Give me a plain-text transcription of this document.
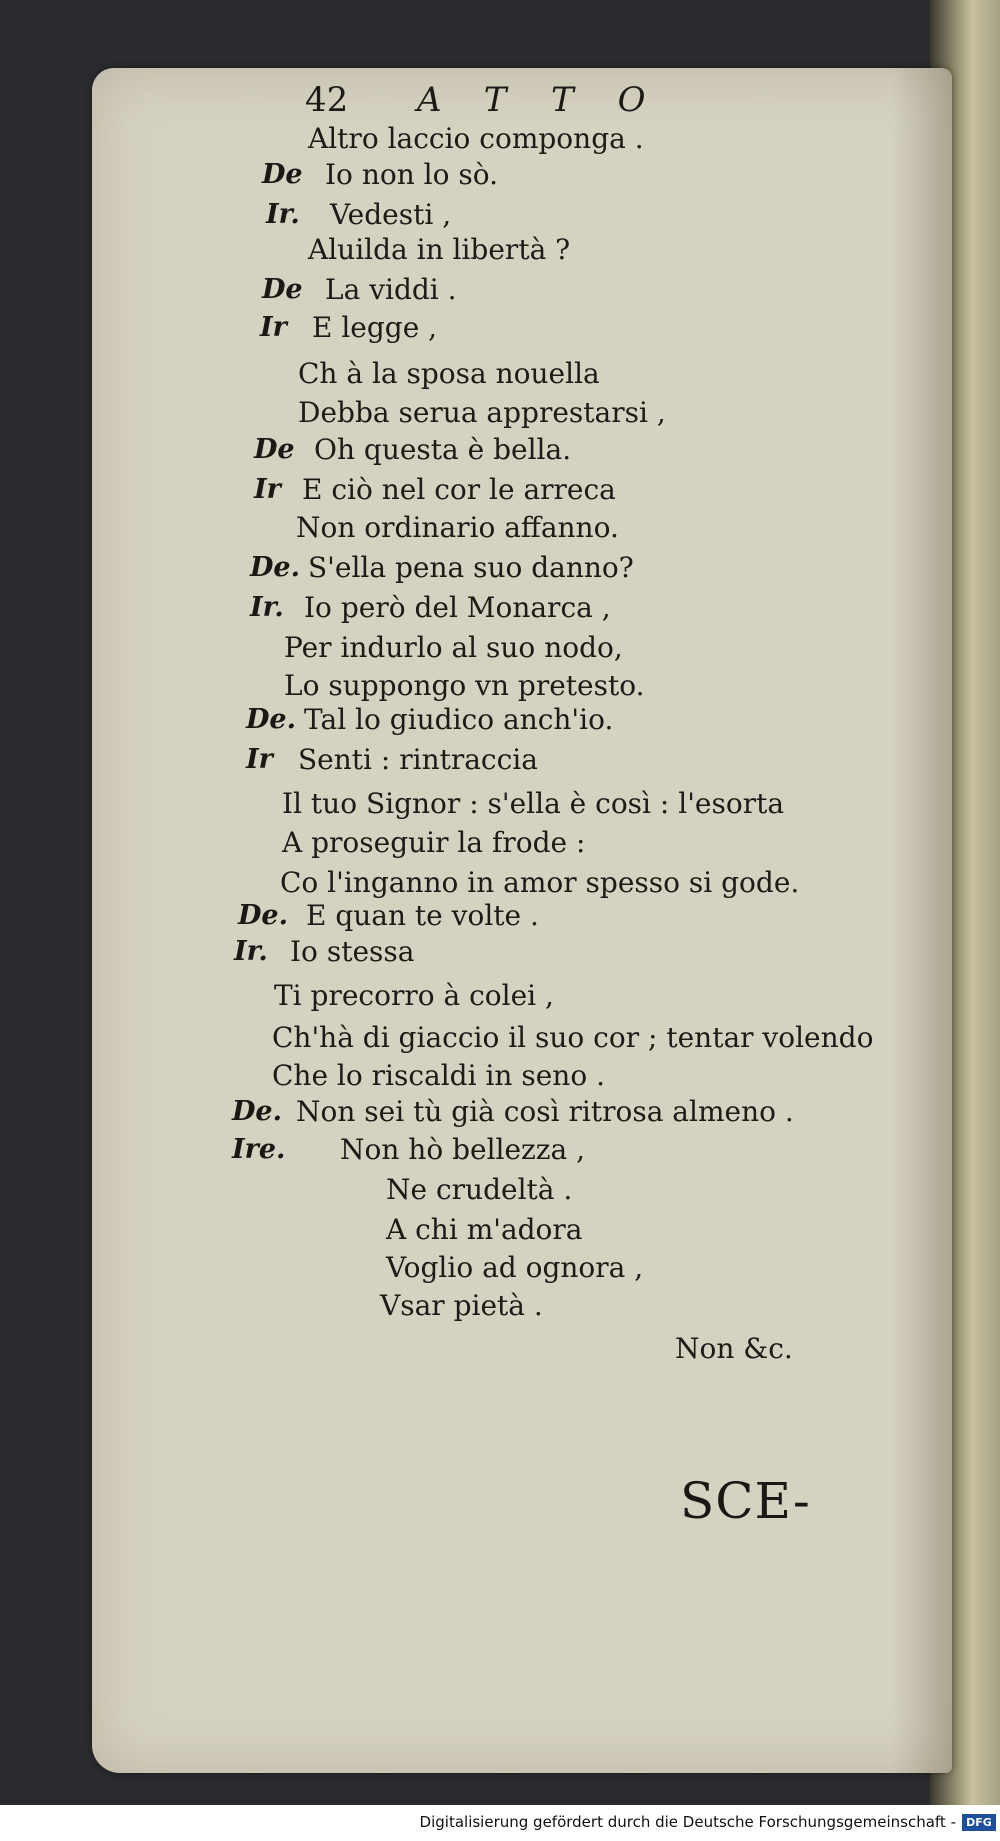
42 ATTO
Altro laccio componga .
De Io non lo sò.
Ir. Vedesti ,
Aluilda in libertà ?
De La viddi .
Ir E legge ,
Ch à la sposa nouella
Debba serua apprestarsi ,
De Oh questa è bella.
Ir E ciò nel cor le arreca
Non ordinario affanno.
De. S'ella pena suo danno?
Ir. Io però del Monarca ,
Per indurlo al suo nodo,
Lo suppongo vn pretesto.
De. Tal lo giudico anch'io.
Ir Senti : rintraccia
Il tuo Signor : s'ella è così : l'esorta
A proseguir la frode :
Co l'inganno in amor spesso si gode.
De. E quan te volte .
Ir. Io stessa
Ti precorro à colei ,
Ch'hà di giaccio il suo cor ; tentar volendo
Che lo riscaldi in seno .
De. Non sei tù già così ritrosa almeno .
Ire. Non hò bellezza ,
Ne crudeltà .
A chi m'adora
Voglio ad ognora ,
Vsar pietà .
Non &c.
SCE-
Digitalisierung gefördert durch die Deutsche Forschungsgemeinschaft - DFG
